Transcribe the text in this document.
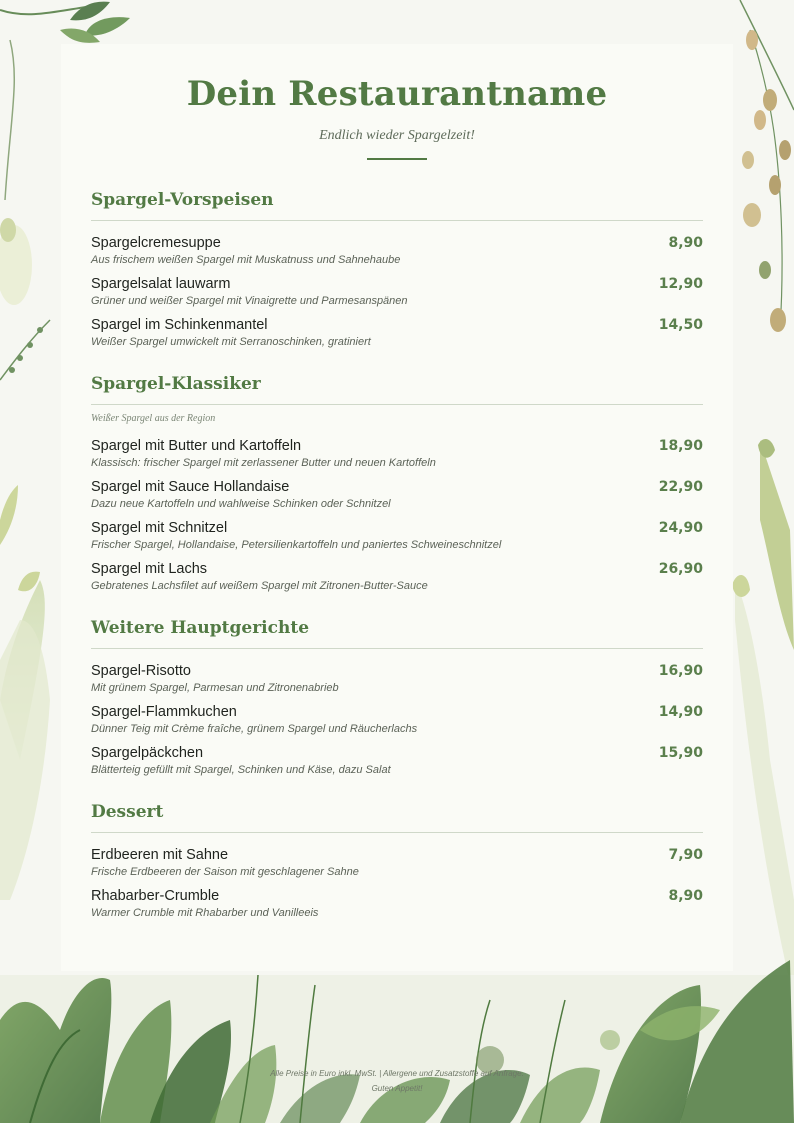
Dein Restaurantname
Endlich wieder Spargelzeit!
Spargel-Vorspeisen
Spargelcremesuppe	8,90
Aus frischem weißen Spargel mit Muskatnuss und Sahnehaube
Spargelsalat lauwarm	12,90
Grüner und weißer Spargel mit Vinaigrette und Parmesanspänen
Spargel im Schinkenmantel	14,50
Weißer Spargel umwickelt mit Serranoschinken, gratiniert
Spargel-Klassiker
Weißer Spargel aus der Region
Spargel mit Butter und Kartoffeln	18,90
Klassisch: frischer Spargel mit zerlassener Butter und neuen Kartoffeln
Spargel mit Sauce Hollandaise	22,90
Dazu neue Kartoffeln und wahlweise Schinken oder Schnitzel
Spargel mit Schnitzel	24,90
Frischer Spargel, Hollandaise, Petersilienkartoffeln und paniertes Schweineschnitzel
Spargel mit Lachs	26,90
Gebratenes Lachsfilet auf weißem Spargel mit Zitronen-Butter-Sauce
Weitere Hauptgerichte
Spargel-Risotto	16,90
Mit grünem Spargel, Parmesan und Zitronenabrieb
Spargel-Flammkuchen	14,90
Dünner Teig mit Crème fraîche, grünem Spargel und Räucherlachs
Spargelpäckchen	15,90
Blätterteig gefüllt mit Spargel, Schinken und Käse, dazu Salat
Dessert
Erdbeeren mit Sahne	7,90
Frische Erdbeeren der Saison mit geschlagener Sahne
Rhabarber-Crumble	8,90
Warmer Crumble mit Rhabarber und Vanilleeis
Alle Preise in Euro inkl. MwSt. | Allergene und Zusatzstoffe auf Anfrage.
Guten Appetit!
